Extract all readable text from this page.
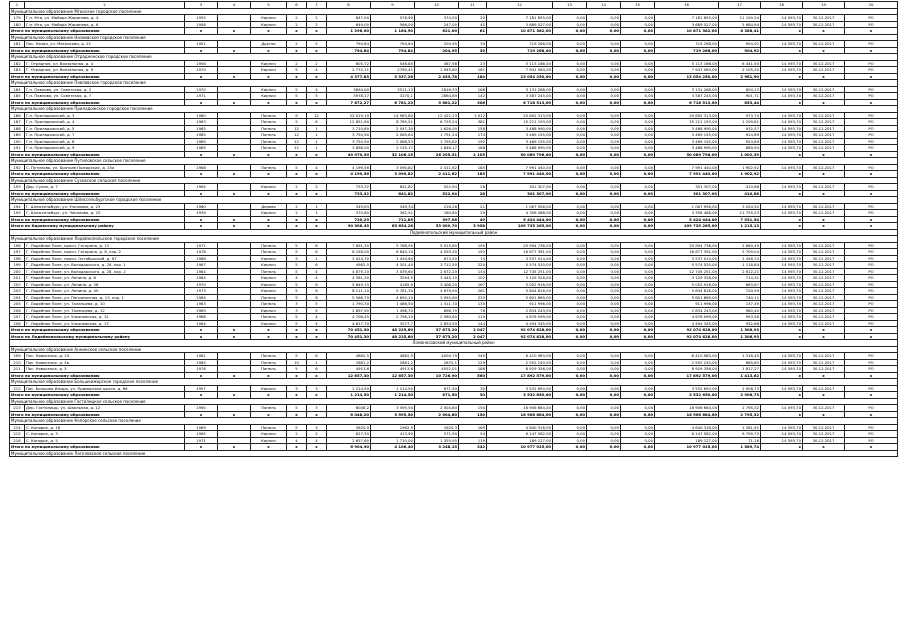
1	2	3	4	5	6	7	8	9	10	11	12	13	14	15	16	17	18	19	20
Муниципальное образование Мгинское городское поселение																			
179	Г.п. Мга, ул. Майора Жаринова, д. 4	1955		Кирпич	2	2	647,00	578,90	374,00	20	7 181 855,00	0,00	0,00	0,00	7 181 855,00	11 100,24	14 593,70	30.12.2017	РО
180	Г.п. Мга, ул. Майора Жаринова, д. 6	1956		Кирпич	2	2	649,00	586,00	247,00	41	3 689 527,00	0,00	0,00	0,00	3 689 527,00	5 684,94	14 593,70	30.12.2017	РО
Итого по муниципальному образованию		х	х	х	х	х	1 296,00	1 164,90	621,00	61	10 871 382,00	0,00	0,00	0,00	10 871 382,00	8 388,41	х	х	х
Муниципальное образование Назиевское городское поселение																			
181	Пос. Назия, ул. Матросова, д. 22	1951		Другое	2	2	794,84	794,84	204,95	30	719 268,00	0,00	0,00	0,00	719 268,00	904,92	14 593,70	30.12.2017	РО
Итого по муниципальному образованию		х	х	х	х	х	794,84	794,84	204,95	30	719 268,00	0,00	0,00	0,00	719 268,00	904,92	х	х	х
Муниципальное образование Отрадненское городское поселение																			
182	Г. Отрадное, ул. Вокзальная, д. 4	1958		Кирпич	2	2	605,72	546,85	487,98	23	5 113 186,00	0,00	0,00	0,00	5 113 186,00	8 441,50	14 593,70	30.12.2017	РО
183	Г. Отрадное, ул. Вокзальная, д. 9	1970		Кирпич	5	4	2 772,11	2790,41	1 945,80	161	7 941 064,00	0,00	0,00	0,00	7 941 064,00	2 105,20	14 593,70	30.12.2017	РО
Итого по муниципальному образованию		х	х	х	х	х	4 377,83	3 337,26	2 433,78	184	13 054 250,00	0,00	0,00	0,00	13 054 250,00	2 981,90	х	х	х
Муниципальное образование Павловское городское поселение																			
184	Г.п. Павлово, ул. Советская, д. 2	1970		Кирпич	5	4	3894,00	3511,13	2816,33	166	3 131 268,00	0,00	0,00	0,00	3 131 268,00	804,13	14 593,70	30.12.2017	РО
185	Г.п. Павлово, ул. Советская, д. 7	1971		Кирпич	5	5	3978,27	3270,1	2864,89	142	3 587 245,00	0,00	0,00	0,00	3 587 245,00	901,71	14 593,70	30.12.2017	РО
Итого по муниципальному образованию		х	х	х	х	х	7 872,27	6 781,23	5 681,22	308	6 718 513,00	0,00	0,00	0,00	6 718 513,00	853,44	х	х	х
Муниципальное образование Приладожское городское поселение																			
186	Г.п. Приладожский, д. 3	1980		Панель	9	12	22 019,10	14 983,80	12 422,73	1 012	20 692 313,00	0,00	0,00	0,00	20 692 313,00	973,74	14 593,70	30.12.2017	РО
187	Г.п. Приладожский, д. 4	1983		Панель	5	6	12 851,60	8 765,51	6 725,24	381	15 221 193,00	0,00	0,00	0,00	15 221 193,00	1 209,61	14 593,70	30.12.2017	РО
188	Г.п. Приладожский, д. 5	1985		Панель	12	1	3 710,80	2 047,30	1 626,00	158	3 468 990,00	0,00	0,00	0,00	3 468 990,00	932,57	14 593,70	30.12.2017	РО
189	Г.п. Приладожский, д. 7	1985		Панель	12	1	3 750,90	2 085,84	1 791,24	174	3 469 155,00	0,00	0,00	0,00	3 469 155,00	924,89	14 593,70	30.12.2017	РО
190	Г.п. Приладожский, д. 8	1985		Панель	12	1	3 750,90	2 088,53	1 795,62	192	3 469 155,00	0,00	0,00	0,00	3 469 155,00	924,89	14 593,70	30.12.2017	РО
191	Г.п. Приладожский, д. 9	1985		Панель	12	1	3 898,00	2 155,17	1 846,17	188	3 468 990,00	0,00	0,00	0,00	3 468 990,00	889,94	14 593,70	30.12.2017	РО
Итого по муниципальному образованию		х	х	х	х	х	49 970,30	32 106,15	26 205,51	2 105	50 089 796,00	0,00	0,00	0,00	50 089 796,00	1 002,39	х	х	х
Муниципальное образование Путиловское сельское поселение																			
192	С. Путилово, ул. Братьев Пожарских, д. 15а	1988		Панель	5	4	4 199,56	3 090,82	2 411,62	185	7 991 440,00	0,00	0,00	0,00	7 991 440,00	1 902,92	14 593,70	30.12.2017	РО
Итого по муниципальному образованию		х	х	х	х	х	4 199,56	3 090,82	2 411,62	185	7 991 440,00	0,00	0,00	0,00	7 991 440,00	1 902,92	х	х	х
Муниципальное образование Суховское сельское поселение																			
193	Дер. Сухое, д. 7	1964		Кирпич	2	2	733,32	641,82	522,94	28	301 307,00	0,00	0,00	0,00	301 307,00	410,88	14 593,70	30.12.2017	РО
Итого по муниципальному образованию		х	х	х	х	х	733,32	641,82	522,94	28	301 307,00	0,00	0,00	0,00	301 307,00	410,88	х	х	х
Муниципальное образование Шлиссельбургское городское поселение																			
194	Г. Шлиссельбург, ул. Ульянова, д. 23	1960		Дерево	2	1	349,63	349,34	216,28	21	1 067 956,00	0,00	0,00	0,00	1 067 956,00	3 054,52	14 593,70	30.12.2017	РО
195	Г. Шлиссельбург, ул. Чекалова, д. 25	1939		Кирпич	2	1	370,60	362,51	180,80	29	4 356 488,00	0,00	0,00	0,00	4 356 488,00	11 755,23	14 593,70	30.12.2017	РО
Итого по муниципальному образованию		х	х	х	х	х	720,23	711,85	397,08	49	5 424 444,00	0,00	0,00	0,00	5 424 444,00	7 531,54	х	х	х
Итого по Кировскому муниципальному району		х	х	х	х	х	90 308,45	65 654,28	53 009,70	3 958	109 735 265,00	0,00	0,00	0,00	109 735 265,00	1 215,13	х	х	х
Лодейнопольский муниципальный район																			
Муниципальное образование Лодейнопольское городское поселение																			
196	Г. Лодейное Поле, просп. Гагарина, д. 12	1971		Панель	5	8	7 891,30	5 768,90	5 015,60	190	20 994 736,00	0,00	0,00	0,00	20 994 736,00	2 660,49	14 593,70	30.12.2017	РО
197	Г. Лодейное Поле, просп. Гагарина, д. 8, кор. 2	1978		Панель	5	6	6 156,00	6 640,10	4 093,30	192	16 677 391,00	0,00	0,00	0,00	16 677 391,00	2 709,04	14 593,70	30.12.2017	РО
198	Г. Лодейное Поле, просп. Октябрьский, д. 67	1986		Кирпич	3	1	2 424,70	1 434,60	673,50	74	3 537 014,00	0,00	0,00	0,00	3 537 014,00	1 458,74	14 593,70	30.12.2017	РО
199	Г. Лодейное Поле, ул. Володарского, д. 28, кор. 1	1987		Кирпич	5	6	4982,5	4 301,40	3 712,50	220	5 574 520,00	0,00	0,00	0,00	5 574 520,00	1 118,84	14 593,70	30.12.2017	РО
200	Г. Лодейное Поле, ул. Володарского, д. 28, кор. 2	1984		Панель	5	4	4 879,10	3 039,60	2 672,20	134	12 745 251,00	0,00	0,00	0,00	12 745 251,00	2 612,21	14 593,70	30.12.2017	РО
201	Г. Лодейное Поле, ул. Ленина, д. 6	1964		Кирпич	4	4	4 381,30	3294,5	3 445,10	102	3 129 328,00	0,00	0,00	0,00	3 129 328,00	714,31	14 593,70	30.12.2017	РО
202	Г. Лодейное Поле, ул. Ленина, д. 38	1970		Кирпич	5	6	5 849,10	4185,9	3 406,20	167	5 052 918,00	0,00	0,00	0,00	5 052 918,00	863,87	14 593,70	30.12.2017	РО
203	Г. Лодейное Поле, ул. Ленина, д. 40	1973		Кирпич	5	6	8 111,10	5 781,30	4 679,50	261	5 844 816,00	0,00	0,00	0,00	5 844 816,00	720,59	14 593,70	30.12.2017	РО
204	Г. Лодейное Поле, ул. Пограничная, д. 13, кор. 1	1984		Панель	5	6	5 568,70	4 650,10	3 955,60	233	5 601 869,00	0,00	0,00	0,00	5 601 869,00	740,11	14 593,70	30.12.2017	РО
205	Г. Лодейное Поле, ул. Таланцева, д. 10	1983		Панель	3	5	1 790,30	1 486,50	1 311,70	135	911 996,00	0,00	0,00	0,00	911 996,00	137,49	14 593,70	30.12.2017	РО
206	Г. Лодейное Поле, ул. Таланцева, д. 12	1963		Кирпич	3	5	2 897,90	1 498,70	896,70	76	2 834 243,00	0,00	0,00	0,00	2 834 243,00	980,40	14 593,70	30.12.2017	РО
207	Г. Лодейное Поле, ул. Ульяновская, д. 12	1988		Панель	5	4	4 706,45	2 798,10	2 560,60	119	4 676 099,00	0,00	0,00	0,00	4 676 099,00	993,56	14 593,70	30.12.2017	РО
208	Г. Лодейное Поле, ул. Ульяновская, д. 13	1984		Кирпич	5	4	4 817,70	3277,7	2 654,50	144	4 494 345,00	0,00	0,00	0,00	4 494 345,00	932,88	14 593,70	30.12.2017	РО
Итого по муниципальному образованию		х	х	х	х	х	70 451,30	48 225,60	37 873,20	2 047	92 074 628,00	0,00	0,00	0,00	92 074 628,00	1 306,93	х	х	х
Итого по Лодейнопольскому муниципальному району		х	х	х	х	х	70 451,30	48 225,60	37 873,20	2 047	92 074 628,00	0,00	0,00	0,00	92 074 628,00	1 306,93	х	х	х
Ломоносовский муниципальный район																			
Муниципальное образование Аннинское сельское поселение																			
209	Пос. Новоселье, д. 15	1981		Панель	5	6	4862,5	4862,5	4004,79	245	6 410 983,00	0,00	0,00	0,00	6 410 983,00	1 318,45	14 593,70	30.12.2017	РО
210	Пос. Новоселье, д. 4в	1985		Панель	10	1	2881,2	2881,2	2670,1	129	2 552 240,00	0,00	0,00	0,00	2 552 240,00	885,83	14 593,70	30.12.2017	РО
211	Пос. Новоселье, д. 5	1976		Панель	5	6	4913,6	4913,6	4052,01	186	8 929 356,00	0,00	0,00	0,00	8 929 356,00	1 817,27	14 593,70	30.12.2017	РО
Итого по муниципальному образованию		х	х	х	х	х	12 657,30	12 657,30	10 726,90	560	17 892 579,00	0,00	0,00	0,00	17 892 579,00	1 413,62	х	х	х
Муниципальное образование Большеижорское городское поселение																			
212	Пос. Большая Ижора, ул. Приморское шоссе, д. 66	1957		Кирпич	3	3	1 214,50	1 214,50	671,50	30	3 532 650,00	0,00	0,00	0,00	3 532 650,00	2 908,73	14 593,70	30.12.2017	РО
Итого по муниципальному образованию		х	х	х	х	х	1 214,50	1 214,50	671,50	30	3 532 650,00	0,00	0,00	0,00	3 532 650,00	2 908,73	х	х	х
Муниципальное образование Гостилицкое сельское поселение																			
213	Дер. Гостилицы, ул. Школьная, д. 12	1990		Панель	5	3	6048,2	3 595,50	2 004,80	150	16 906 684,00	0,00	0,00	0,00	16 906 684,00	2 795,32	14 593,70	30.12.2017	РО
Итого по муниципальному образованию		х	х	х	х	х	6 048,20	3 595,50	2 004,80	150	16 906 684,00	0,00	0,00	0,00	16 906 684,00	2 795,32	х	х	х
Муниципальное образование Копорское сельское поселение																			
214	С. Копорье, д. 18	1989		Панель	5	3	3620,0	1982,5	1620,3	169	4 640 316,00	0,00	0,00	0,00	4 640 316,00	1 281,91	14 593,70	30.12.2017	РО
215	С. Копорье, д. 3	1965		Кирпич	2	2	627,30	413,90	271,90	54	6 147 582,00	0,00	0,00	0,00	6 147 582,00	9 799,73	14 593,70	30.12.2017	РО
216	С. Копорье, д. 5	1971		Кирпич	4	4	2 657,60	1 710,00	1 355,95	119	189 127,00	0,00	0,00	0,00	189 127,00	71,16	14 593,70	30.12.2017	РО
Итого по муниципальному образованию		х	х	х	х	х	6 904,90	4 106,40	3 248,15	342	10 977 025,00	0,00	0,00	0,00	10 977 025,00	1 589,74	х	х	х
Муниципальное образование Лаголовское сельское поселение																			
